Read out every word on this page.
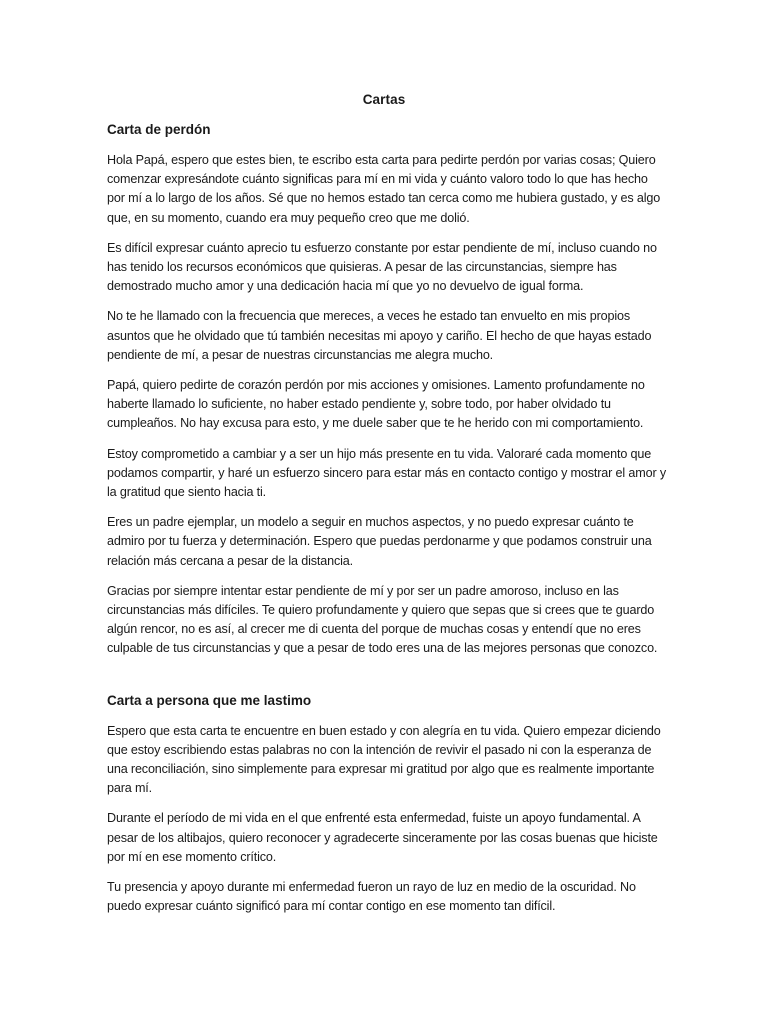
Cartas
Carta de perdón

Hola Papá, espero que estes bien, te escribo esta carta para pedirte perdón por varias cosas; Quiero comenzar expresándote cuánto significas para mí en mi vida y cuánto valoro todo lo que has hecho por mí a lo largo de los años. Sé que no hemos estado tan cerca como me hubiera gustado, y es algo que, en su momento, cuando era muy pequeño creo que me dolió.

Es difícil expresar cuánto aprecio tu esfuerzo constante por estar pendiente de mí, incluso cuando no has tenido los recursos económicos que quisieras. A pesar de las circunstancias, siempre has demostrado mucho amor y una dedicación hacia mí que yo no devuelvo de igual forma.

No te he llamado con la frecuencia que mereces, a veces he estado tan envuelto en mis propios asuntos que he olvidado que tú también necesitas mi apoyo y cariño. El hecho de que hayas estado pendiente de mí, a pesar de nuestras circunstancias me alegra mucho.

Papá, quiero pedirte de corazón perdón por mis acciones y omisiones. Lamento profundamente no haberte llamado lo suficiente, no haber estado pendiente y, sobre todo, por haber olvidado tu cumpleaños. No hay excusa para esto, y me duele saber que te he herido con mi comportamiento.

Estoy comprometido a cambiar y a ser un hijo más presente en tu vida. Valoraré cada momento que podamos compartir, y haré un esfuerzo sincero para estar más en contacto contigo y mostrar el amor y la gratitud que siento hacia ti.

Eres un padre ejemplar, un modelo a seguir en muchos aspectos, y no puedo expresar cuánto te admiro por tu fuerza y determinación. Espero que puedas perdonarme y que podamos construir una relación más cercana a pesar de la distancia.

Gracias por siempre intentar estar pendiente de mí y por ser un padre amoroso, incluso en las circunstancias más difíciles. Te quiero profundamente y quiero que sepas que si crees que te guardo algún rencor, no es así, al crecer me di cuenta del porque de muchas cosas y entendí que no eres culpable de tus circunstancias y que a pesar de todo eres una de las mejores personas que conozco.

Carta a persona que me lastimo

Espero que esta carta te encuentre en buen estado y con alegría en tu vida. Quiero empezar diciendo que estoy escribiendo estas palabras no con la intención de revivir el pasado ni con la esperanza de una reconciliación, sino simplemente para expresar mi gratitud por algo que es realmente importante para mí.

Durante el período de mi vida en el que enfrenté esta enfermedad, fuiste un apoyo fundamental. A pesar de los altibajos, quiero reconocer y agradecerte sinceramente por las cosas buenas que hiciste por mí en ese momento crítico.

Tu presencia y apoyo durante mi enfermedad fueron un rayo de luz en medio de la oscuridad. No puedo expresar cuánto significó para mí contar contigo en ese momento tan difícil.
